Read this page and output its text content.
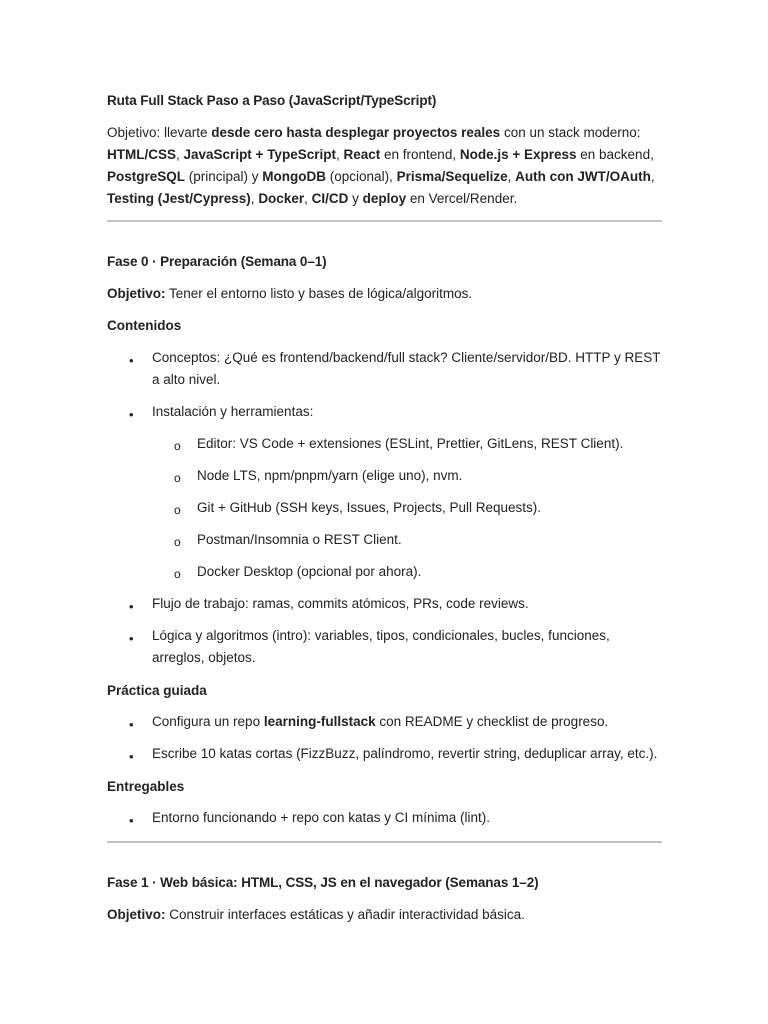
Ruta Full Stack Paso a Paso (JavaScript/TypeScript)
Objetivo: llevarte desde cero hasta desplegar proyectos reales con un stack moderno:
HTML/CSS, JavaScript + TypeScript, React en frontend, Node.js + Express en backend,
PostgreSQL (principal) y MongoDB (opcional), Prisma/Sequelize, Auth con JWT/OAuth,
Testing (Jest/Cypress), Docker, CI/CD y deploy en Vercel/Render.
Fase 0 · Preparación (Semana 0–1)
Objetivo: Tener el entorno listo y bases de lógica/algoritmos.
Contenidos
• Conceptos: ¿Qué es frontend/backend/full stack? Cliente/servidor/BD. HTTP y REST
a alto nivel.
• Instalación y herramientas:
o Editor: VS Code + extensiones (ESLint, Prettier, GitLens, REST Client).
o Node LTS, npm/pnpm/yarn (elige uno), nvm.
o Git + GitHub (SSH keys, Issues, Projects, Pull Requests).
o Postman/Insomnia o REST Client.
o Docker Desktop (opcional por ahora).
• Flujo de trabajo: ramas, commits atómicos, PRs, code reviews.
• Lógica y algoritmos (intro): variables, tipos, condicionales, bucles, funciones,
arreglos, objetos.
Práctica guiada
• Configura un repo learning-fullstack con README y checklist de progreso.
• Escribe 10 katas cortas (FizzBuzz, palíndromo, revertir string, deduplicar array, etc.).
Entregables
• Entorno funcionando + repo con katas y CI mínima (lint).
Fase 1 · Web básica: HTML, CSS, JS en el navegador (Semanas 1–2)
Objetivo: Construir interfaces estáticas y añadir interactividad básica.
